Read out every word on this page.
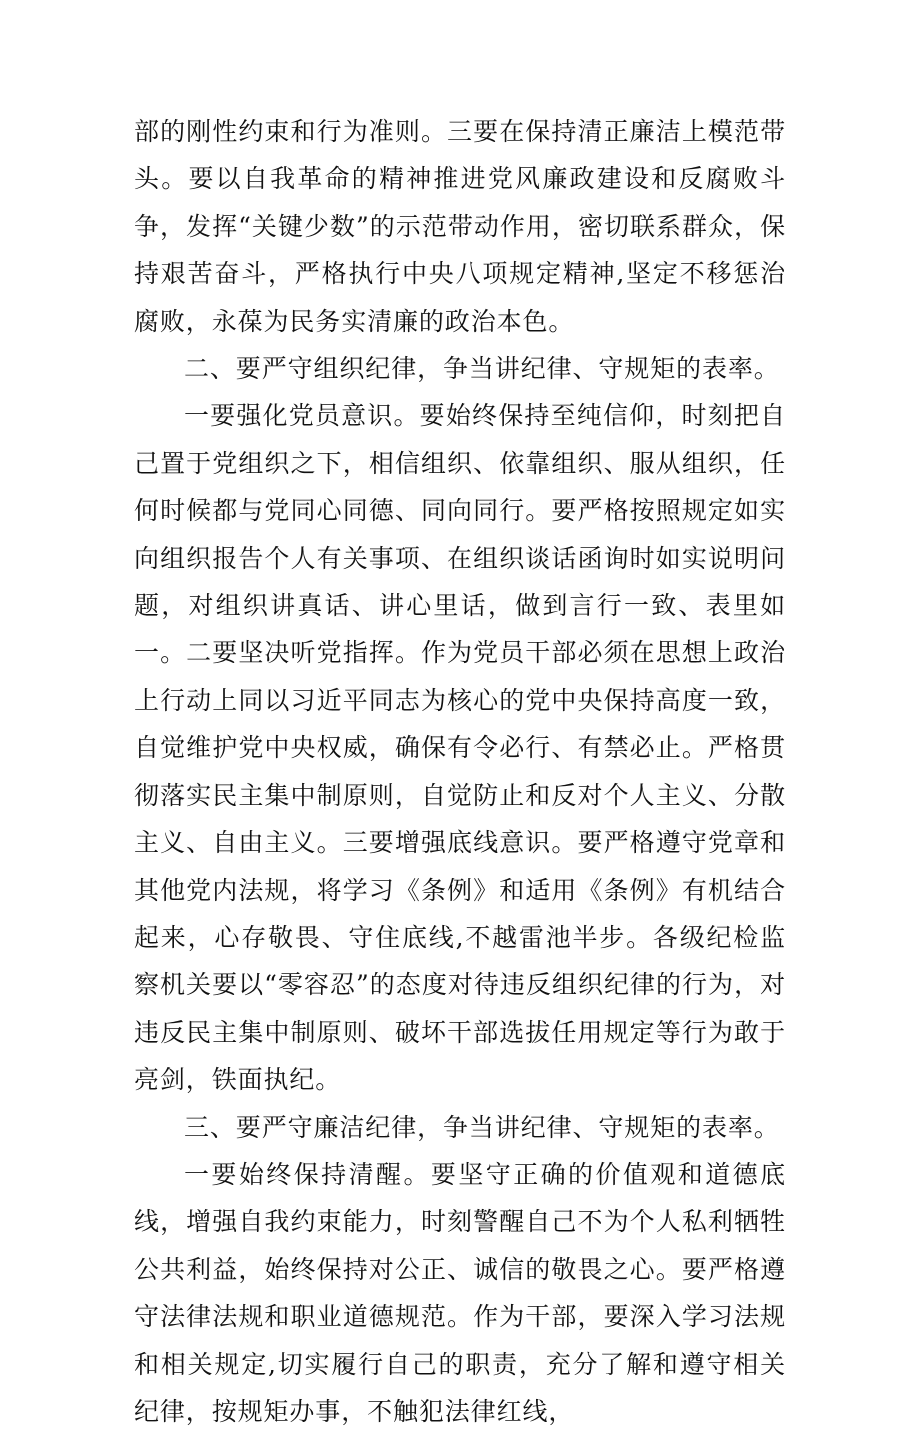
部的刚性约束和行为准则。三要在保持清正廉洁上模范带头。要以自我革命的精神推进党风廉政建设和反腐败斗争，发挥“关键少数”的示范带动作用，密切联系群众，保持艰苦奋斗，严格执行中央八项规定精神,坚定不移惩治腐败，永葆为民务实清廉的政治本色。

二、要严守组织纪律，争当讲纪律、守规矩的表率。

一要强化党员意识。要始终保持至纯信仰，时刻把自己置于党组织之下，相信组织、依靠组织、服从组织，任何时候都与党同心同德、同向同行。要严格按照规定如实向组织报告个人有关事项、在组织谈话函询时如实说明问题，对组织讲真话、讲心里话，做到言行一致、表里如一。二要坚决听党指挥。作为党员干部必须在思想上政治上行动上同以习近平同志为核心的党中央保持高度一致，自觉维护党中央权威，确保有令必行、有禁必止。严格贯彻落实民主集中制原则，自觉防止和反对个人主义、分散主义、自由主义。三要增强底线意识。要严格遵守党章和其他党内法规，将学习《条例》和适用《条例》有机结合起来，心存敬畏、守住底线,不越雷池半步。各级纪检监察机关要以“零容忍”的态度对待违反组织纪律的行为，对违反民主集中制原则、破坏干部选拔任用规定等行为敢于亮剑，铁面执纪。

三、要严守廉洁纪律，争当讲纪律、守规矩的表率。

一要始终保持清醒。要坚守正确的价值观和道德底线，增强自我约束能力，时刻警醒自己不为个人私利牺牲公共利益，始终保持对公正、诚信的敬畏之心。要严格遵守法律法规和职业道德规范。作为干部，要深入学习法规和相关规定,切实履行自己的职责，充分了解和遵守相关纪律，按规矩办事，不触犯法律红线，
